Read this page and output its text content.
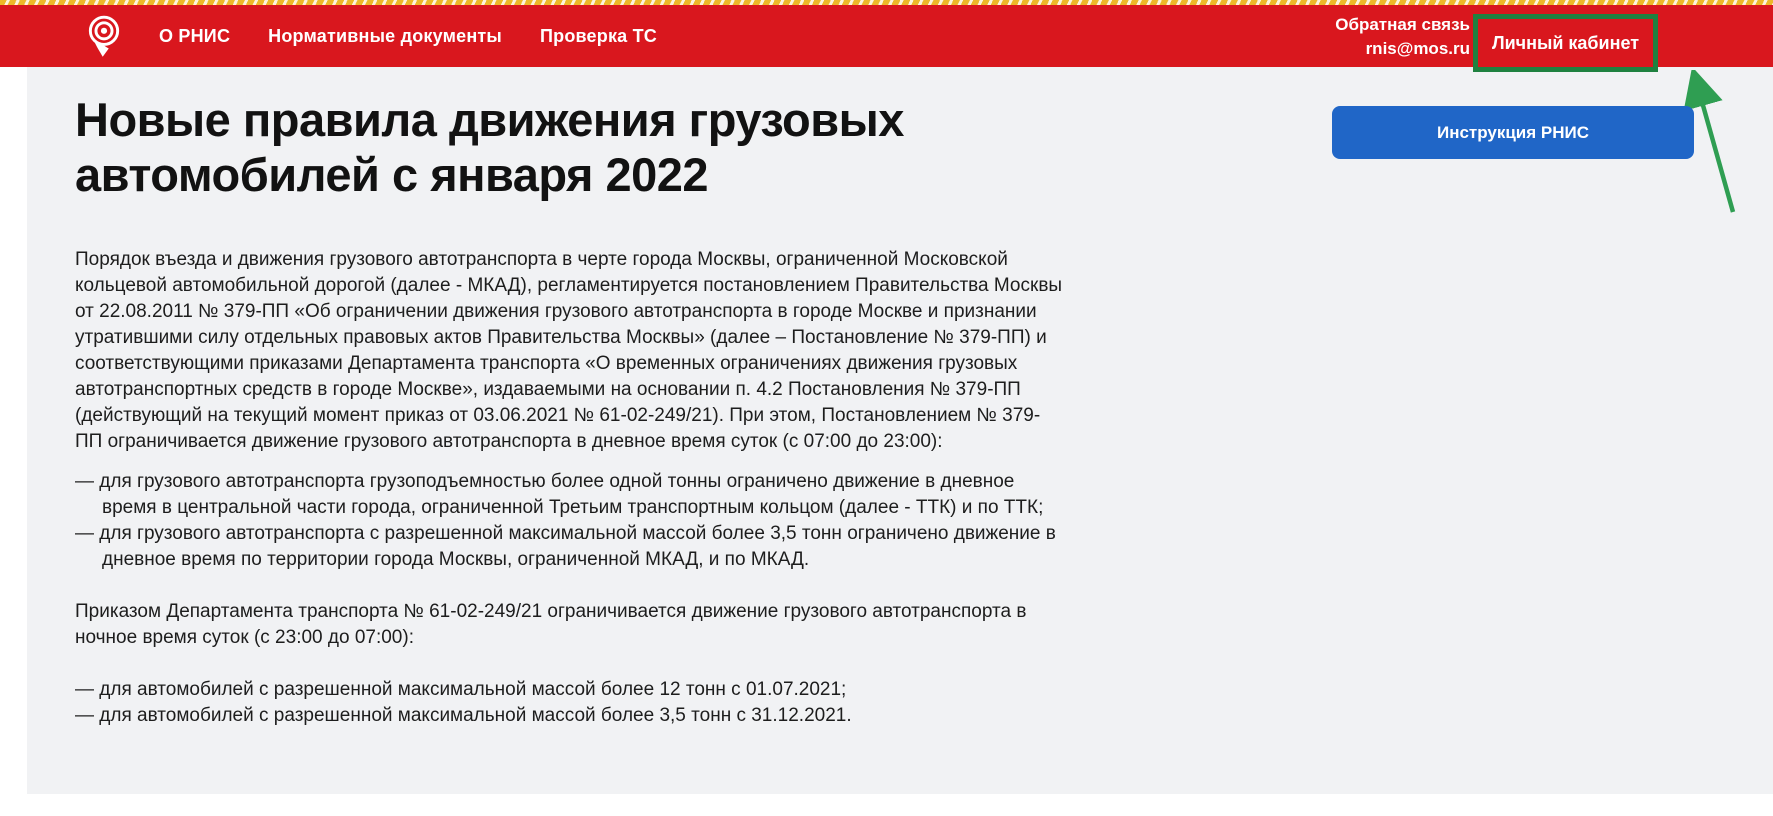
О РНИС Нормативные документы Проверка ТС
Обратная связь
rnis@mos.ru Личный кабинет
Новые правила движения грузовых
автомобилей с января 2022
Инструкция РНИС

Порядок въезда и движения грузового автотранспорта в черте города Москвы, ограниченной Московской кольцевой автомобильной дорогой (далее - МКАД), регламентируется постановлением Правительства Москвы от 22.08.2011 № 379-ПП «Об ограничении движения грузового автотранспорта в городе Москве и признании утратившими силу отдельных правовых актов Правительства Москвы» (далее – Постановление № 379-ПП) и соответствующими приказами Департамента транспорта «О временных ограничениях движения грузовых автотранспортных средств в городе Москве», издаваемыми на основании п. 4.2 Постановления № 379-ПП (действующий на текущий момент приказ от 03.06.2021 № 61-02-249/21). При этом, Постановлением № 379-ПП ограничивается движение грузового автотранспорта в дневное время суток (с 07:00 до 23:00):

— для грузового автотранспорта грузоподъемностью более одной тонны ограничено движение в дневное время в центральной части города, ограниченной Третьим транспортным кольцом (далее - ТТК) и по ТТК;
— для грузового автотранспорта с разрешенной максимальной массой более 3,5 тонн ограничено движение в дневное время по территории города Москвы, ограниченной МКАД, и по МКАД.

Приказом Департамента транспорта № 61-02-249/21 ограничивается движение грузового автотранспорта в ночное время суток (с 23:00 до 07:00):

— для автомобилей с разрешенной максимальной массой более 12 тонн с 01.07.2021;
— для автомобилей с разрешенной максимальной массой более 3,5 тонн с 31.12.2021.
